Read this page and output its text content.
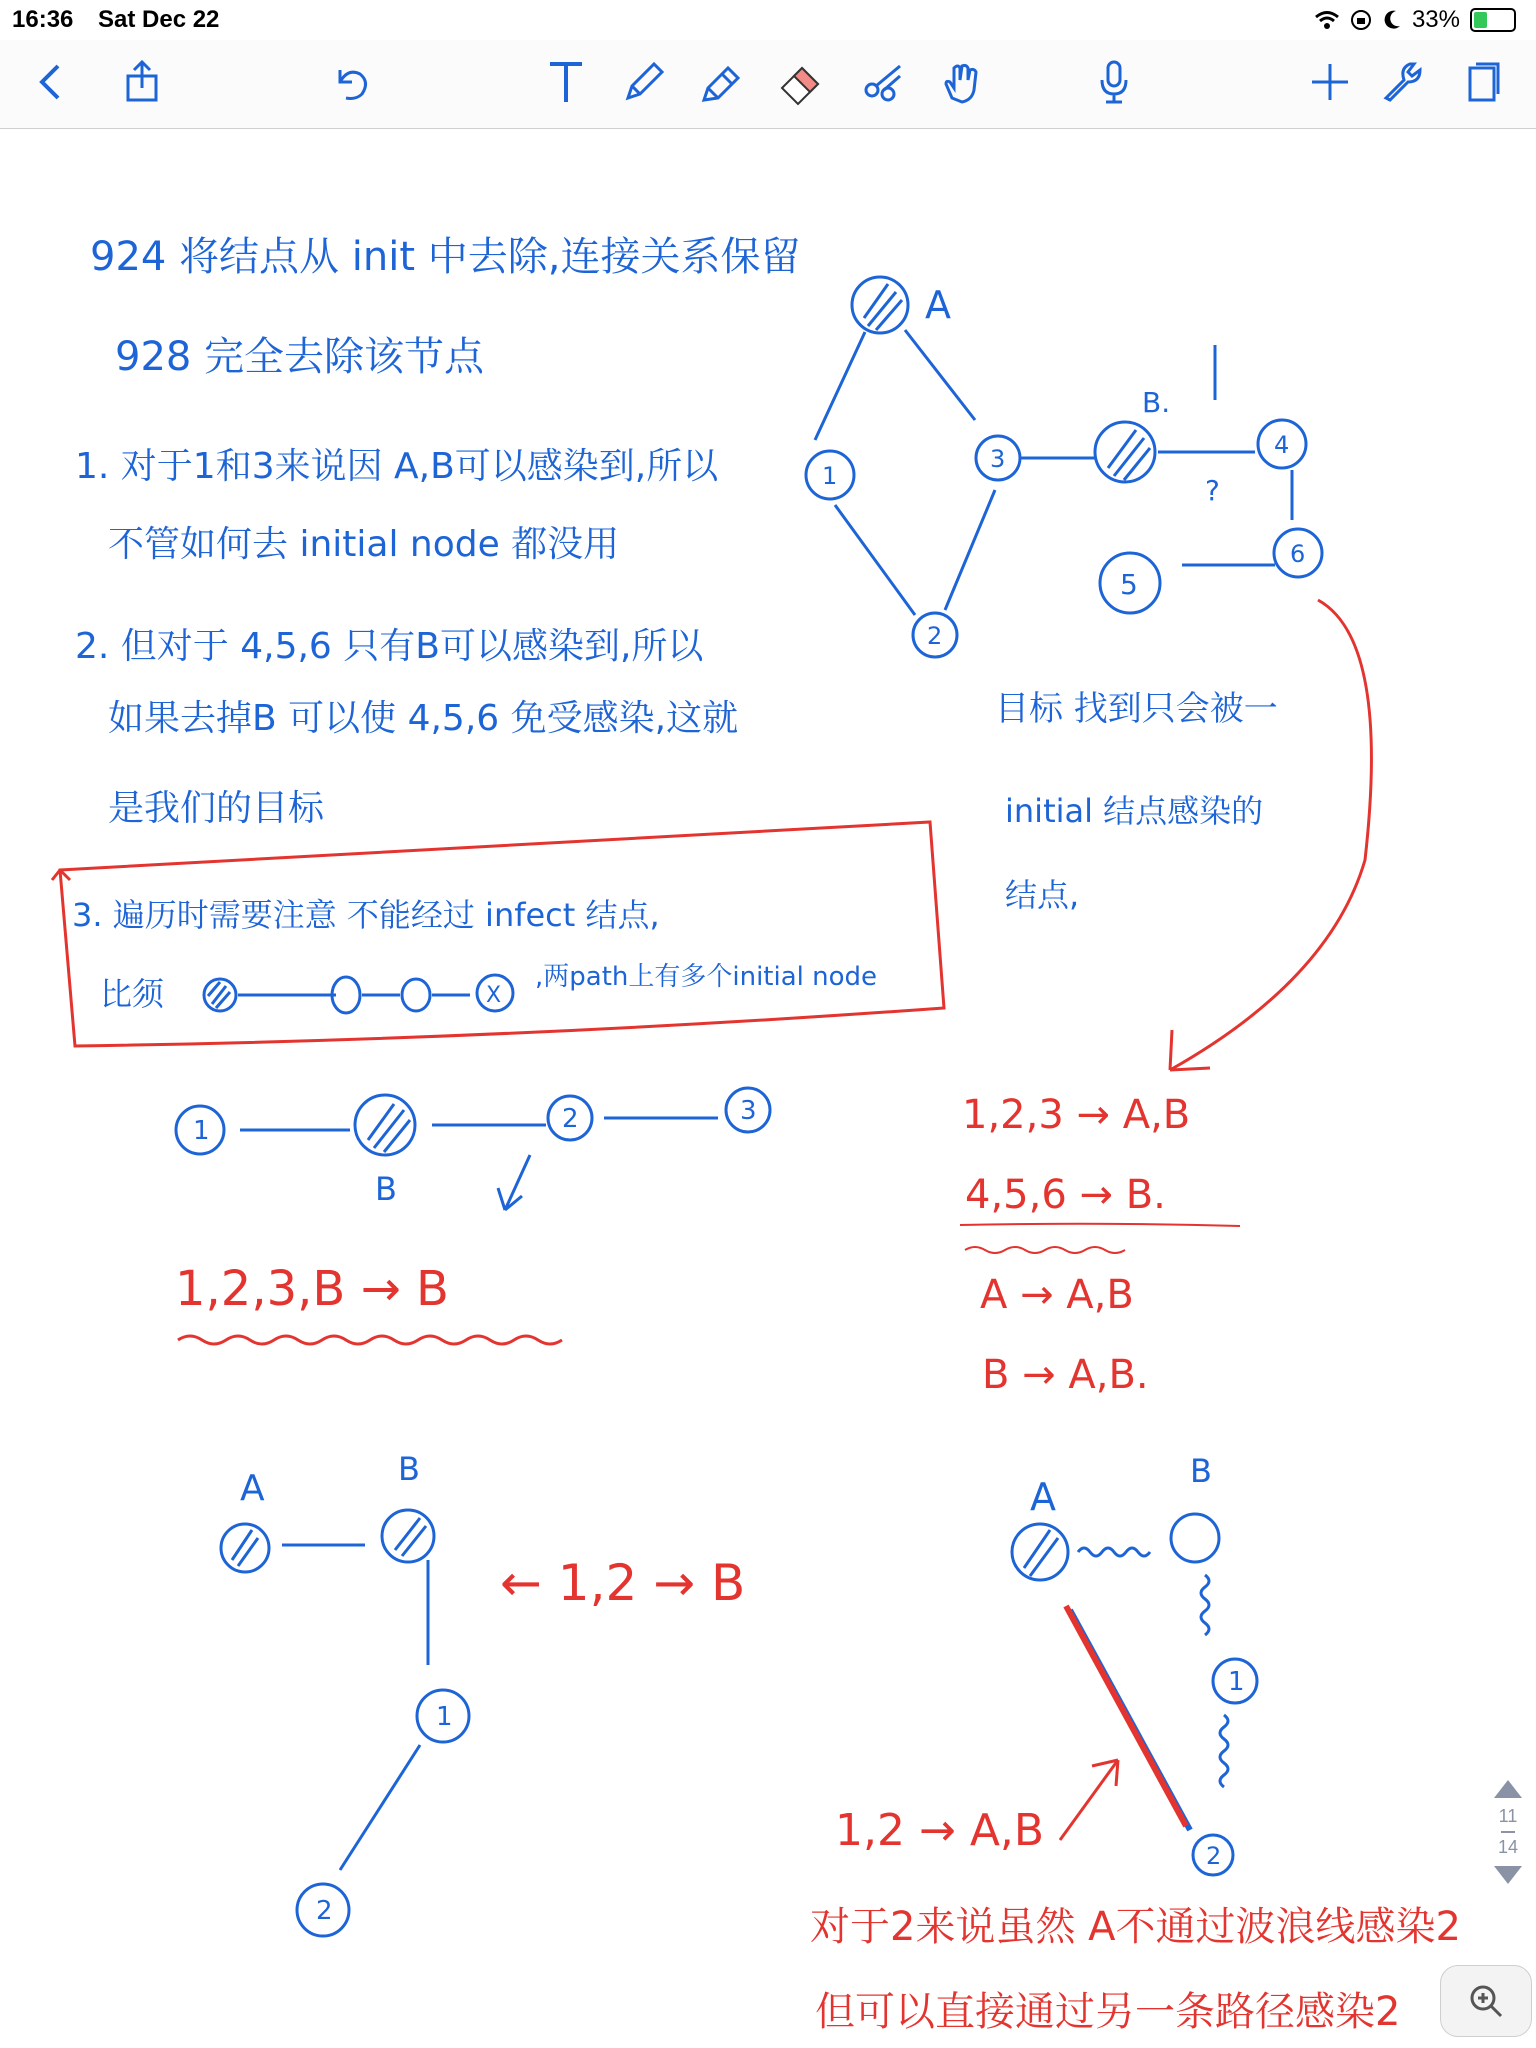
16:36 Sat Dec 22	33%
924 将结点从 init 中去除,连接关系保留
928 完全去除该节点
1. 对于1和3来说因 A,B可以感染到,所以
不管如何去 initial node 都没用
2. 但对于 4,5,6 只有B可以感染到,所以
如果去掉B 可以使 4,5,6 免受感染,这就
是我们的目标
3. 遍历时需要注意 不能经过 infect 结点,
比须	,两path上有多个initial node
X
A
B.
?
1
2
3	4
5
6
目标 找到只会被一
initial 结点感染的
结点,
1,2,3 → A,B
4,5,6 → B.
A → A,B
B → A,B.
1	2	3
B
1,2,3,B → B
A	B
1
2
← 1,2 → B
A
B
1
2
1,2 → A,B
对于2来说虽然 A不通过波浪线感染2
但可以直接通过另一条路径感染2
11
14
